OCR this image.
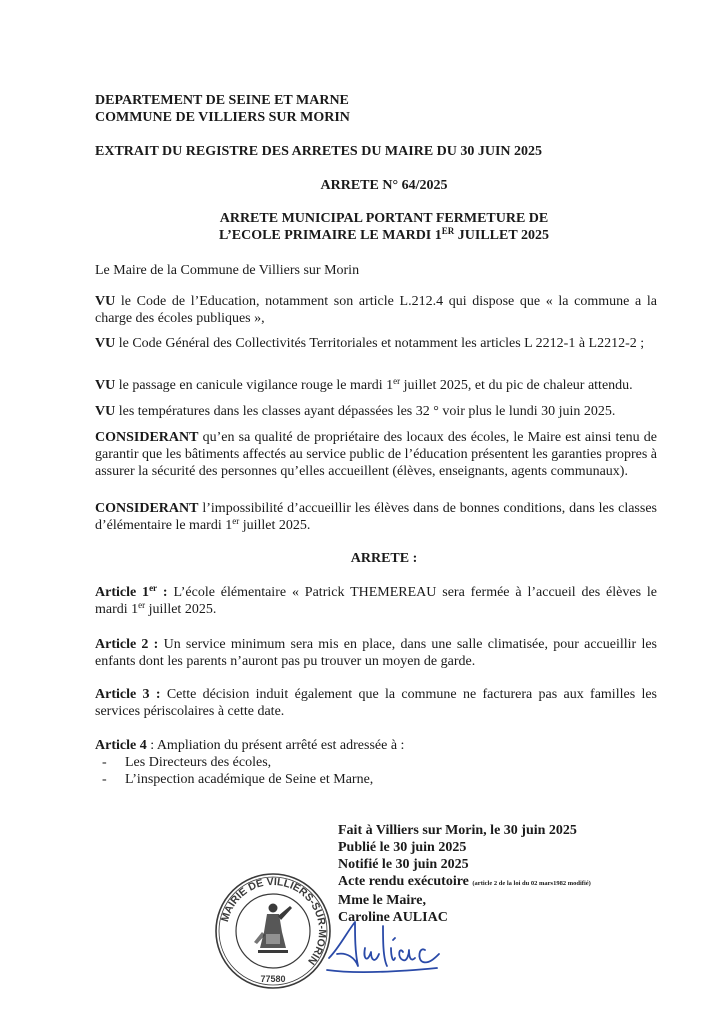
DEPARTEMENT DE SEINE ET MARNE
COMMUNE DE VILLIERS SUR MORIN
EXTRAIT DU REGISTRE DES ARRETES DU MAIRE DU 30 JUIN 2025
ARRETE N° 64/2025
ARRETE MUNICIPAL PORTANT FERMETURE DE
L’ECOLE PRIMAIRE LE MARDI 1ER JUILLET 2025
Le Maire de la Commune de Villiers sur Morin
VU le Code de l’Education, notamment son article L.212.4 qui dispose que « la commune a la charge des écoles publiques »,
VU le Code Général des Collectivités Territoriales et notamment les articles L 2212-1 à L2212-2 ;
VU le passage en canicule vigilance rouge le mardi 1er juillet 2025, et du pic de chaleur attendu.
VU les températures dans les classes ayant dépassées les 32 ° voir plus le lundi 30 juin 2025.
CONSIDERANT qu’en sa qualité de propriétaire des locaux des écoles, le Maire est ainsi tenu de garantir que les bâtiments affectés au service public de l’éducation présentent les garanties propres à assurer la sécurité des personnes qu’elles accueillent (élèves, enseignants, agents communaux).
CONSIDERANT l’impossibilité d’accueillir les élèves dans de bonnes conditions, dans les classes d’élémentaire le mardi 1er juillet 2025.
ARRETE :
Article 1er : L’école élémentaire « Patrick THEMEREAU sera fermée à l’accueil des élèves le mardi 1er juillet 2025.
Article 2 : Un service minimum sera mis en place, dans une salle climatisée, pour accueillir les enfants dont les parents n’auront pas pu trouver un moyen de garde.
Article 3 : Cette décision induit également que la commune ne facturera pas aux familles les services périscolaires à cette date.
Article 4 : Ampliation du présent arrêté est adressée à :
- Les Directeurs des écoles,
- L’inspection académique de Seine et Marne,
Fait à Villiers sur Morin, le 30 juin 2025
Publié le 30 juin 2025
Notifié le 30 juin 2025
Acte rendu exécutoire (article 2 de la loi du 02 mars1982 modifié)
Mme le Maire,
Caroline AULIAC
MAIRIE DE VILLIERS-SUR-MORIN
77580
